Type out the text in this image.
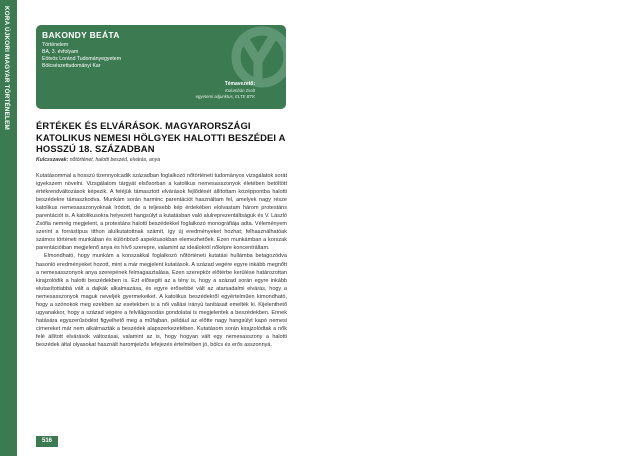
KORA ÚJKORI MAGYAR TÖRTÉNELEM	BAKONDY BEÁTA
Történelem
BA, 3. évfolyam
Eötvös Loránd Tudományegyetem
Bölcsészettudományi Kar
Témavezető:
Kolumbán Zsolt
egyetemi adjunktus, ELTE BTK
ÉRTÉKEK ÉS ELVÁRÁSOK. MAGYARORSZÁGI KATOLIKUS NEMESI HÖLGYEK HALOTTI BESZÉDEI A HOSSZÚ 18. SZÁZADBAN
Kulcsszavak: nőtörténet, halotti beszéd, elvárás, anya

Kutatásommal a hosszú tizennyolcadik században foglalkozó nőtörténeti tudományos vizsgálatok sorát igyekszem növelni. Vizsgálatom tárgyát elsősorban a katolikus nemesasszonyok életében betöltött értékrendváltozások képezik. A feléjük támasztott elvárások fejlődését állítottam középpontba halotti beszédekre támaszkodva. Munkám során harminc parentációt használtam fel, amelyek nagy része katolikus nemesasszonyoknak íródott, de a teljesebb kép érdekében elolvastam három protestáns parentációt is. A katolikusokra helyezett hangsúlyt a kutatásban való alulreprezentáltságuk és V. László Zsófia nemrég megjelent, a protestáns halotti beszédekkel foglalkozó monográfiája adta. Véleményem szerint a forrástípus itthon alulkutatottnak számít, így új eredményeket hozhat; felhasználhatóak számos történeti munkában és különböző aspektusokban elemezhetőek. Ezen munkámban a korszak parentációiban megjelenő anya és hívő szerepre, valamint az ideálokról nőképre koncentráltam.

Elmondható, hogy munkám a konszakkal foglalkozó nőtörténeti kutatási hullámba betagozódva hasonló eredményeket hozott, mint a már megjelent kutatások. A század vegére egyre inkább megnőtt a nemesasszonyok anya szerepének felmagasztalása. Ezen szerepkör előtérbe kerülése határozottan kirajzolódik a halotti beszédekben is. Ezt elősegíti az a tény is, hogy a század során egyre inkább elutasítottabbá vált a dajkák alkalmazása, és egyre erősebbé vált az atarsadalmi elvárás, hogy a nemesasszonyok maguk neveljék gyermekeiket. A katolikus beszédekről egyértelműen kimondható, hogy a szónokok meg ezekben az esetekben is a női vallási irányú tanításait emelték ki. Kijelenthető ugyanakkor, hogy a század végére a felvilágosodás gondolatai is megjelentek a beszédekben. Ennek hatására egyszerűsödést figyelhető meg a műfajban, például az előtte nagy hangsúlyt kapó nemesi címereket már nem alkalmazták a beszédek alapszerkezetében. Kutatásom során kirajzolódtak a nők felé állított elvárások változásai, valamint az is, hogy hogyan vált egy nemesasszony a halotti beszédek által olyasokat használt haromjelzős lefejezés értelmében jó, bölcs és erős asszonnyá.

516
